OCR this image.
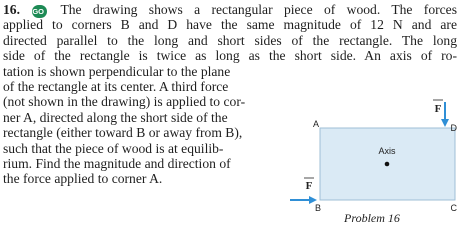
16. GO The drawing shows a rectangular piece of wood. The forces
applied to corners B and D have the same magnitude of 12 N and are
directed parallel to the long and short sides of the rectangle. The long
side of the rectangle is twice as long as the short side. An axis of ro-
tation is shown perpendicular to the plane
of the rectangle at its center. A third force
(not shown in the drawing) is applied to cor-
ner A, directed along the short side of the
rectangle (either toward B or away from B),
such that the piece of wood is at equilib-
rium. Find the magnitude and direction of
the force applied to corner A.
Axis
A
B	C
D
F
F
Problem 16
